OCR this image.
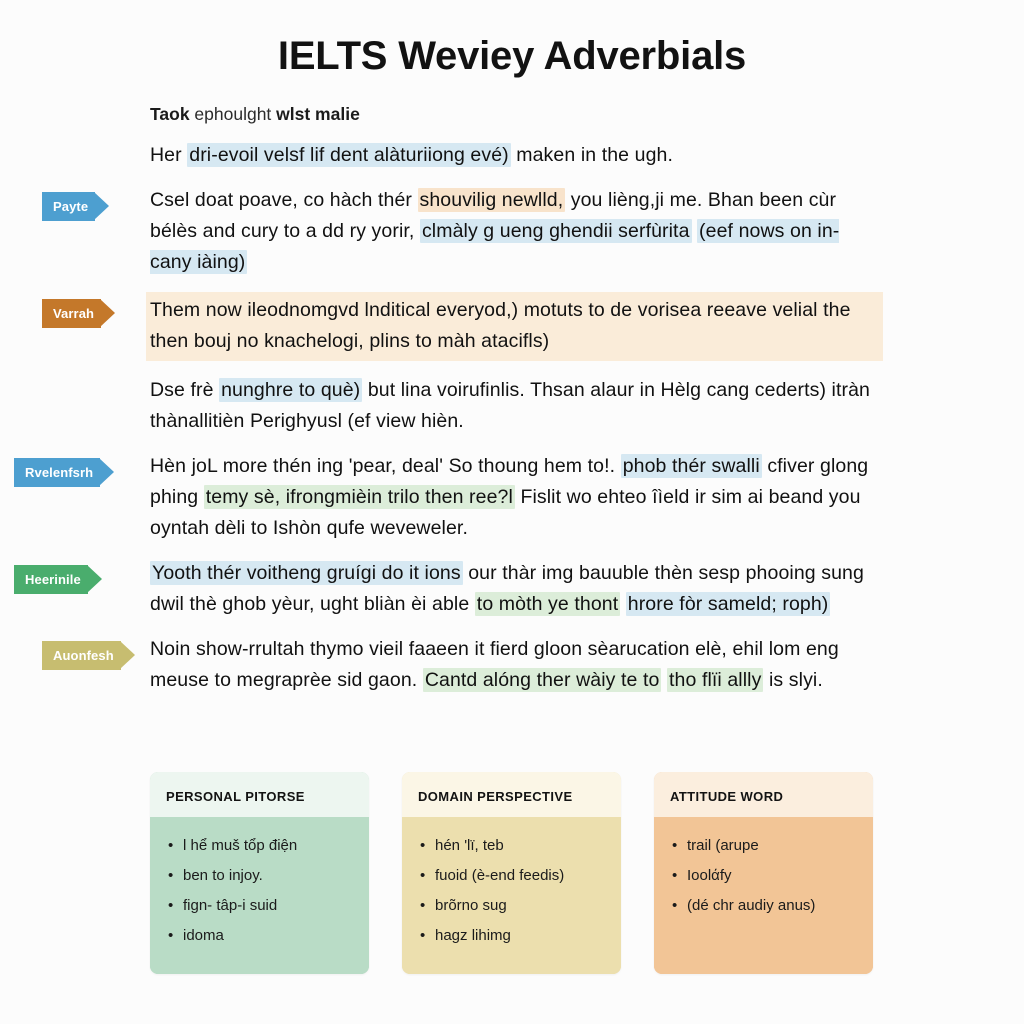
IELTS Weviey Adverbials
Taok ephoulght wlst malie
Her dri-evoil velsf lif dent alàturiiong evé) maken in the ugh.
Payte	Csel doat poave, co hàch thér shouvilig newlld, you lièng,ji me. Bhan been cùr bélès and cury to a dd ry yorir, clmàly g ueng ghendii serfùrita (eef nows on in-cany iàing)
Varrah	Them now ileodnomgvd lnditical everyod,) motuts to de vorisea reeave velial the then bouj no knachelogi, plins to màh atacifls)
Dse frè nunghre to què) but lina voirufinlis. Thsan alaur in Hèlg cang cederts) itràn thànallitièn Perighyusl (ef view hièn.
Rvelenfsrh	Hèn joL more thén ing 'pear, deal' So thoung hem to!. phob thér swalli cfiver glong phing temy sè, ifrongmièin trilo then ree?l Fislit wo ehteo îìeld ir sim ai beand you oyntah dèli to Ishòn qufe weveweler.
Heerinile	Yooth thér voitheng gruígi do it ions our thàr img bauuble thèn sesp phooing sung dwil thè ghob yèur, ught bliàn èi able to mòth ye thont hrore fòr sameld; roph)
Auonfesh Noin show-rrultah thymo vieil faaeen it fierd gloon sèarucation elè, ehil lom eng meuse to megraprèe sid gaon. Cantd alóng ther wàiy te to tho flïi allly is slyi.
PERSONAL PITORSE
• l hể muš tổp điện
• ben to injoy.
• fign- tâp-i suid
• idoma
DOMAIN PERSPECTIVE
• hén 'lï, teb
• fuoid (è-end feedis)
• brõrno sug
• hagz lihimg
ATTITUDE WORD
• trail (arupe
• Ioolάfy
• (dé chr audiy anus)
